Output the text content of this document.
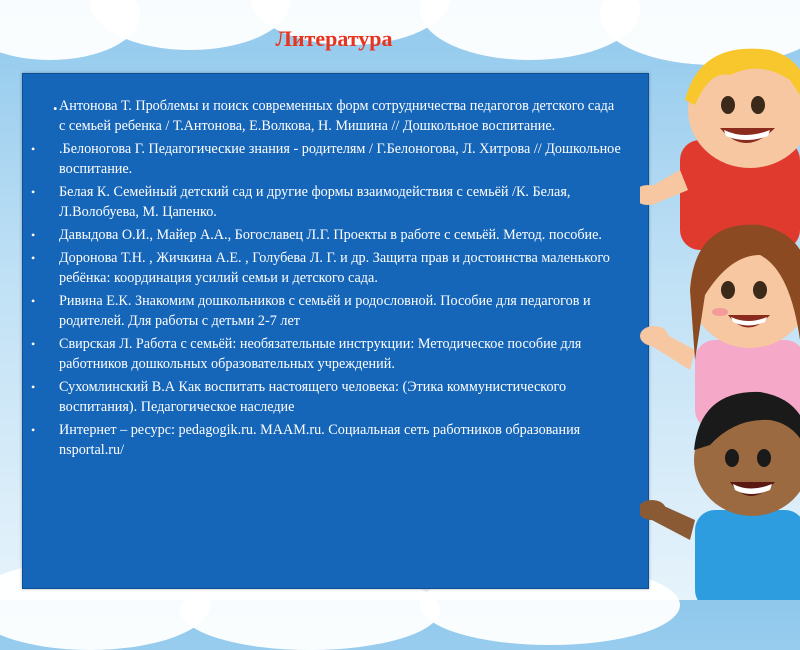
Литература
. Антонова Т. Проблемы и поиск современных форм сотрудничества педагогов детского сада с семьей ребенка / Т.Антонова, Е.Волкова, Н. Мишина // Дошкольное воспитание.
• .Белоногова Г. Педагогические знания - родителям / Г.Белоногова, Л. Хитрова // Дошкольное воспитание.
• Белая К. Семейный детский сад и другие формы взаимодействия с семьёй /К. Белая, Л.Волобуева, М. Цапенко.
• Давыдова О.И., Майер А.А., Богославец Л.Г. Проекты в работе с семьёй. Метод. пособие.
• Доронова Т.Н. , Жичкина А.Е. , Голубева Л. Г. и др. Защита прав и достоинства маленького ребёнка: координация усилий семьи и детского сада.
• Ривина Е.К. Знакомим дошкольников с семьёй и родословной. Пособие для педагогов и родителей. Для работы с детьми 2-7 лет
• Свирская Л. Работа с семьёй: необязательные инструкции: Методическое пособие для работников дошкольных образовательных учреждений.
• Сухомлинский В.А Как воспитать настоящего человека: (Этика коммунистического воспитания). Педагогическое наследие
• Интернет – ресурс: pedagogik.ru. МААМ.ru. Социальная сеть работников образования nsportal.ru/
